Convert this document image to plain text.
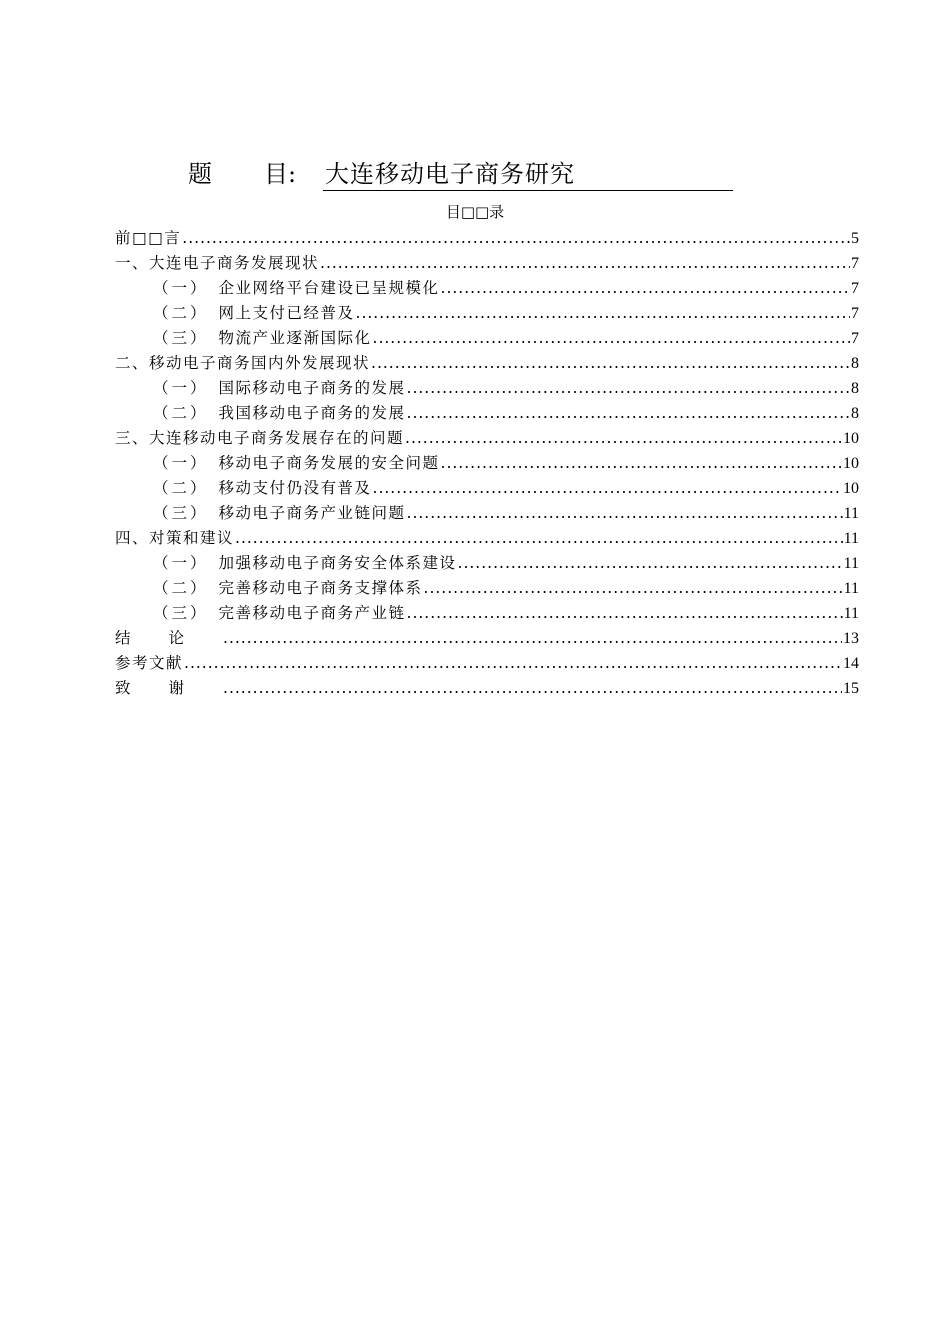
题 目: 大连移动电子商务研究
目□□录
前□□言 .....	5
一、大连电子商务发展现状 .....	7
（一） 企业网络平台建设已呈规模化 .....	7
（二） 网上支付已经普及 .....	7
（三） 物流产业逐渐国际化 .....	7
二、移动电子商务国内外发展现状 .....	8
（一） 国际移动电子商务的发展 .....	8
（二） 我国移动电子商务的发展 .....	8
三、大连移动电子商务发展存在的问题 .....	10
（一） 移动电子商务发展的安全问题 .....	10
（二） 移动支付仍没有普及 .....	10
（三） 移动电子商务产业链问题 .....	11
四、对策和建议 .....	11
（一） 加强移动电子商务安全体系建设 .....	11
（二） 完善移动电子商务支撑体系 .....	11
（三） 完善移动电子商务产业链 .....	11
结论 .....	13
参考文献 .....	14
致谢 .....	15
